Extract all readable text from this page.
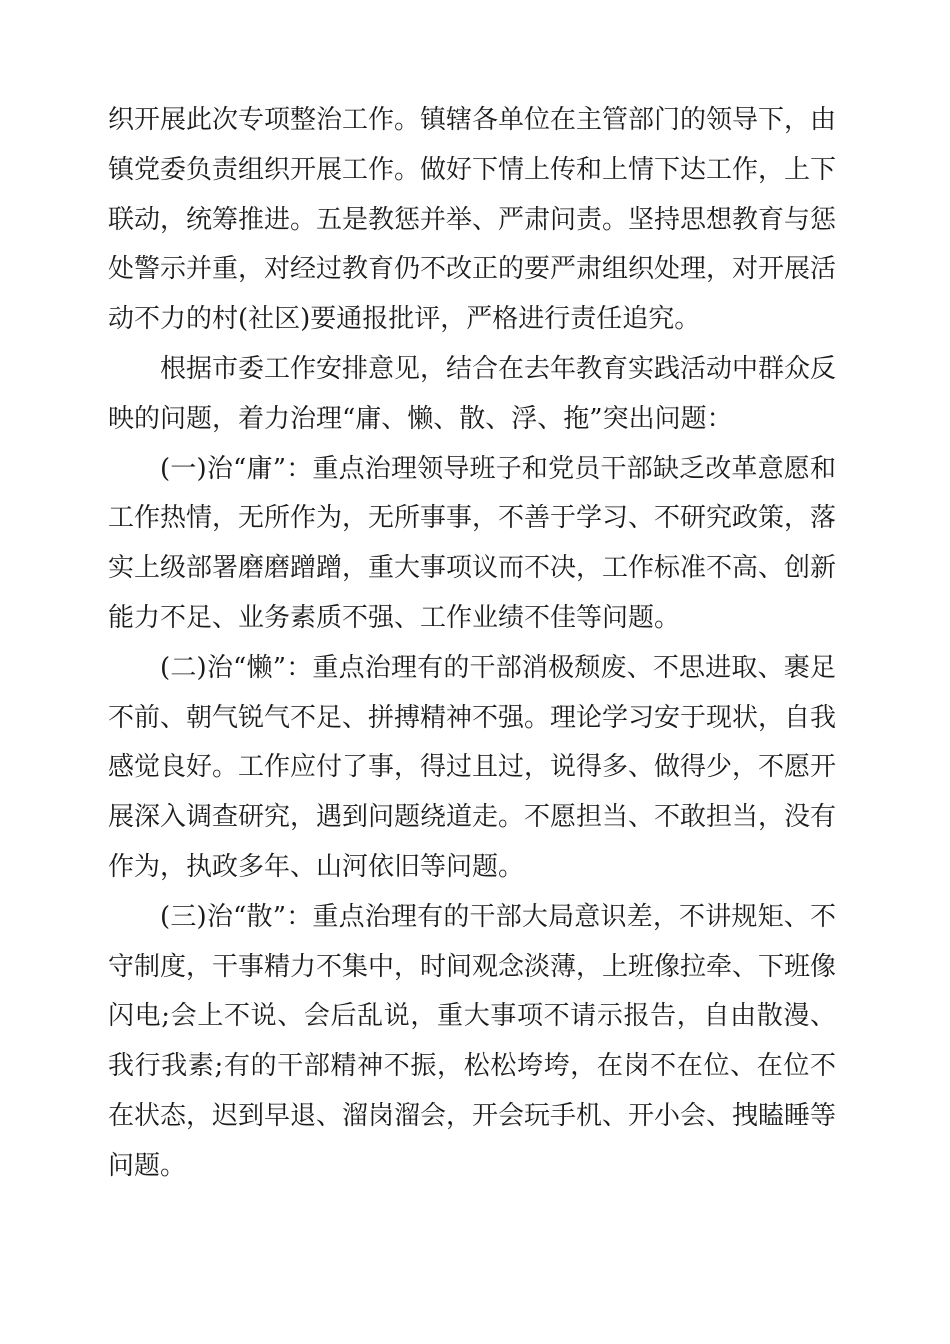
织开展此次专项整治工作。镇辖各单位在主管部门的领导下，由镇党委负责组织开展工作。做好下情上传和上情下达工作，上下联动，统筹推进。五是教惩并举、严肃问责。坚持思想教育与惩处警示并重，对经过教育仍不改正的要严肃组织处理，对开展活动不力的村(社区)要通报批评，严格进行责任追究。

根据市委工作安排意见，结合在去年教育实践活动中群众反映的问题，着力治理“庸、懒、散、浮、拖”突出问题：

(一)治“庸”：重点治理领导班子和党员干部缺乏改革意愿和工作热情，无所作为，无所事事，不善于学习、不研究政策，落实上级部署磨磨蹭蹭，重大事项议而不决，工作标准不高、创新能力不足、业务素质不强、工作业绩不佳等问题。

(二)治“懒”：重点治理有的干部消极颓废、不思进取、裹足不前、朝气锐气不足、拼搏精神不强。理论学习安于现状，自我感觉良好。工作应付了事，得过且过，说得多、做得少，不愿开展深入调查研究，遇到问题绕道走。不愿担当、不敢担当，没有作为，执政多年、山河依旧等问题。

(三)治“散”：重点治理有的干部大局意识差，不讲规矩、不守制度，干事精力不集中，时间观念淡薄，上班像拉牵、下班像闪电;会上不说、会后乱说，重大事项不请示报告，自由散漫、我行我素;有的干部精神不振，松松垮垮，在岗不在位、在位不在状态，迟到早退、溜岗溜会，开会玩手机、开小会、拽瞌睡等问题。
